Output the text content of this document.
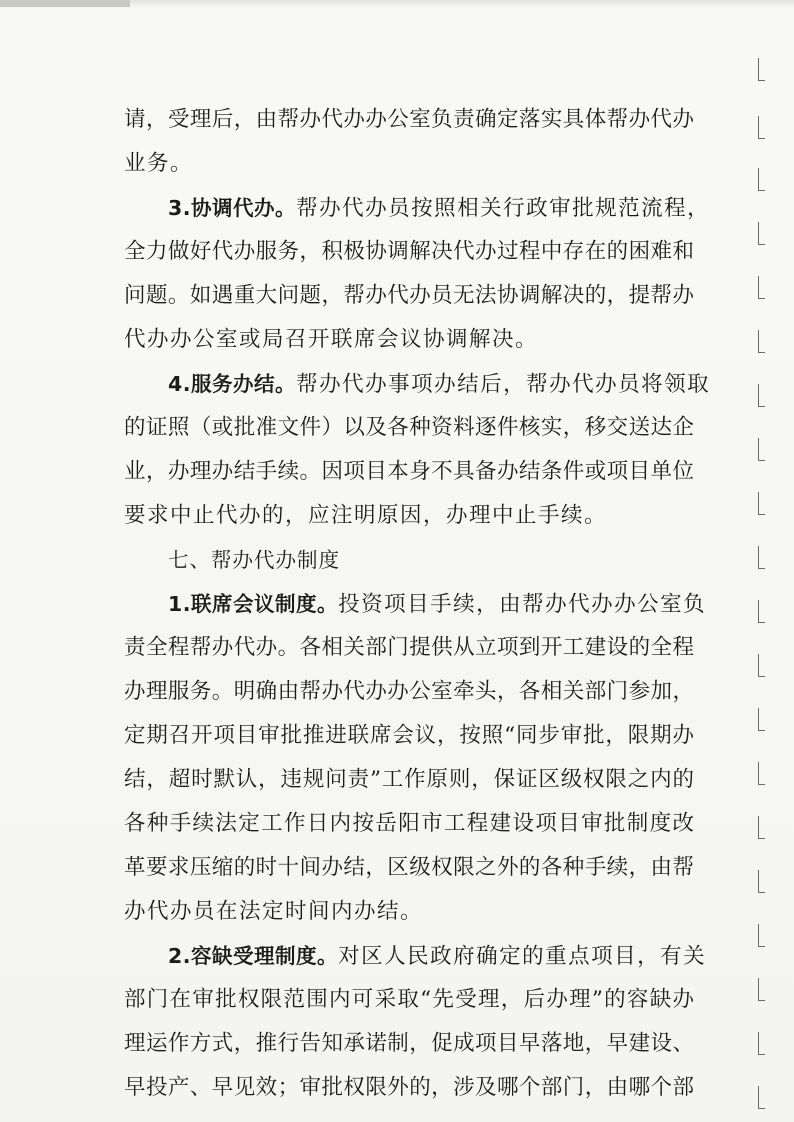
请，受理后，由帮办代办办公室负责确定落实具体帮办代办
业务。
3.协调代办。帮办代办员按照相关行政审批规范流程，
全力做好代办服务，积极协调解决代办过程中存在的困难和
问题。如遇重大问题，帮办代办员无法协调解决的，提帮办
代办办公室或局召开联席会议协调解决。
4.服务办结。帮办代办事项办结后，帮办代办员将领取
的证照（或批准文件）以及各种资料逐件核实，移交送达企
业，办理办结手续。因项目本身不具备办结条件或项目单位
要求中止代办的，应注明原因，办理中止手续。
七、帮办代办制度
1.联席会议制度。投资项目手续，由帮办代办办公室负
责全程帮办代办。各相关部门提供从立项到开工建设的全程
办理服务。明确由帮办代办办公室牵头，各相关部门参加，
定期召开项目审批推进联席会议，按照“同步审批，限期办
结，超时默认，违规问责”工作原则，保证区级权限之内的
各种手续法定工作日内按岳阳市工程建设项目审批制度改
革要求压缩的时十间办结，区级权限之外的各种手续，由帮
办代办员在法定时间内办结。
2.容缺受理制度。对区人民政府确定的重点项目，有关
部门在审批权限范围内可采取“先受理，后办理”的容缺办
理运作方式，推行告知承诺制，促成项目早落地，早建设、
早投产、早见效；审批权限外的，涉及哪个部门，由哪个部
